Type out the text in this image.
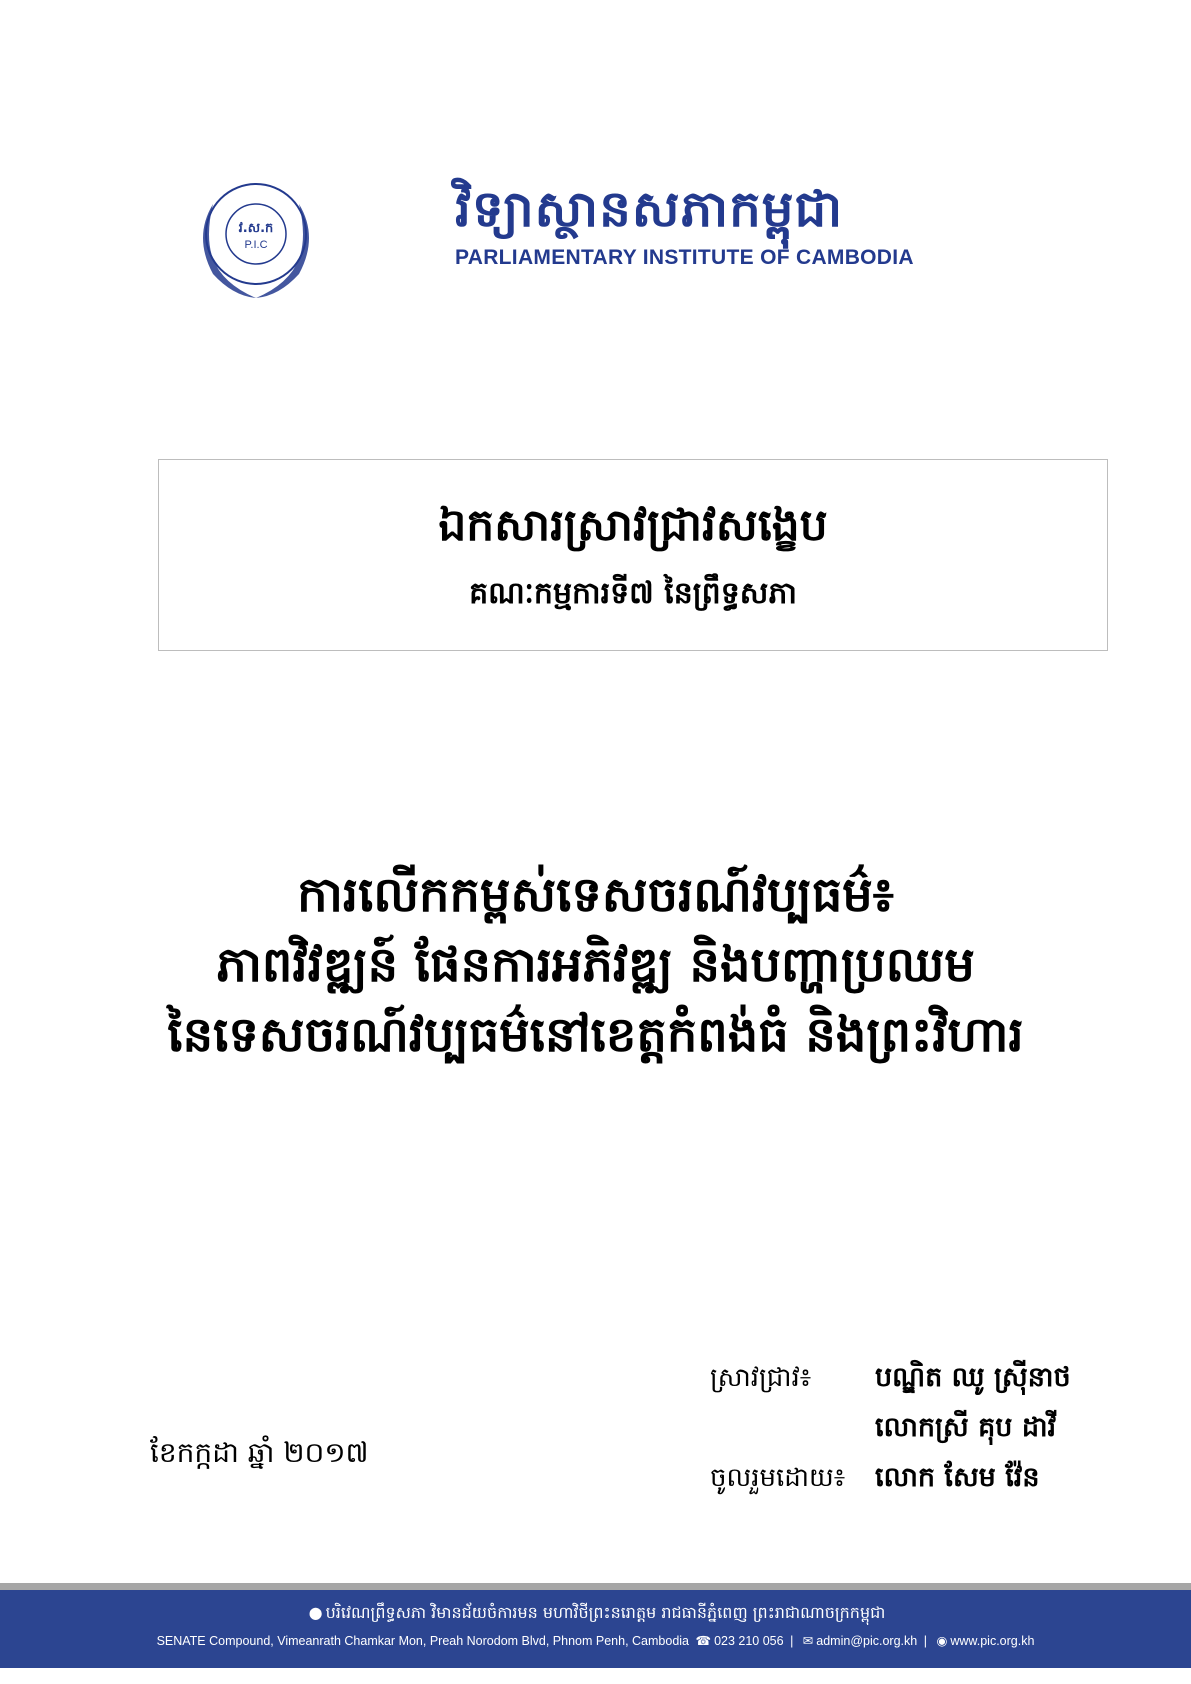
វ.ស.ក
P.I.C
វិទ្យាស្ថានសភាកម្ពុជា
PARLIAMENTARY INSTITUTE OF CAMBODIA
ឯកសារស្រាវជ្រាវសង្ខេប
គណៈកម្មការទី៧ នៃព្រឹទ្ធសភា
ការលើកកម្ពស់ទេសចរណ៍វប្បធម៌៖
ភាពវិវឌ្ឍន៍ ផែនការអភិវឌ្ឍ និងបញ្ហាប្រឈម
នៃទេសចរណ៍វប្បធម៌នៅខេត្តកំពង់ធំ និងព្រះវិហារ
ខែកក្កដា ឆ្នាំ ២០១៧
ស្រាវជ្រាវ៖ បណ្ឌិត ឈូ ស្រ៊ីនាថ
លោកស្រី គុប ដាវី
ចូលរួមដោយ៖ លោក សែម វ៉ែន
● បរិវេណព្រឹទ្ធសភា វិមានជ័យចំការមន មហាវិថីព្រះនរោត្តម រាជធានីភ្នំពេញ ព្រះរាជាណាចក្រកម្ពុជា
SENATE Compound, Vimeanrath Chamkar Mon, Preah Norodom Blvd, Phnom Penh, Cambodia ☎ 023 210 056 | ✉ admin@pic.org.kh | ◉ www.pic.org.kh
